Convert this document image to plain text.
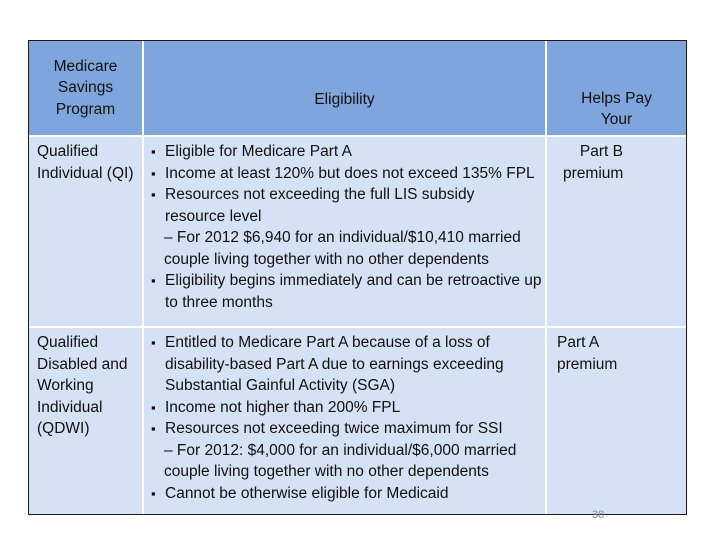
Medicare Savings Program
Eligibility	Helps Pay Your
Qualified Individual (QI)
▪ Eligible for Medicare Part A
▪ Income at least 120% but does not exceed 135% FPL
▪ Resources not exceeding the full LIS subsidy resource level
– For 2012 $6,940 for an individual/$10,410 married couple living together with no other dependents
▪ Eligibility begins immediately and can be retroactive up to three months
Part B premium
Qualified Disabled and Working Individual (QDWI)
▪ Entitled to Medicare Part A because of a loss of disability-based Part A due to earnings exceeding Substantial Gainful Activity (SGA)
▪ Income not higher than 200% FPL
▪ Resources not exceeding twice maximum for SSI
– For 2012: $4,000 for an individual/$6,000 married couple living together with no other dependents
▪ Cannot be otherwise eligible for Medicaid
Part A premium
38
